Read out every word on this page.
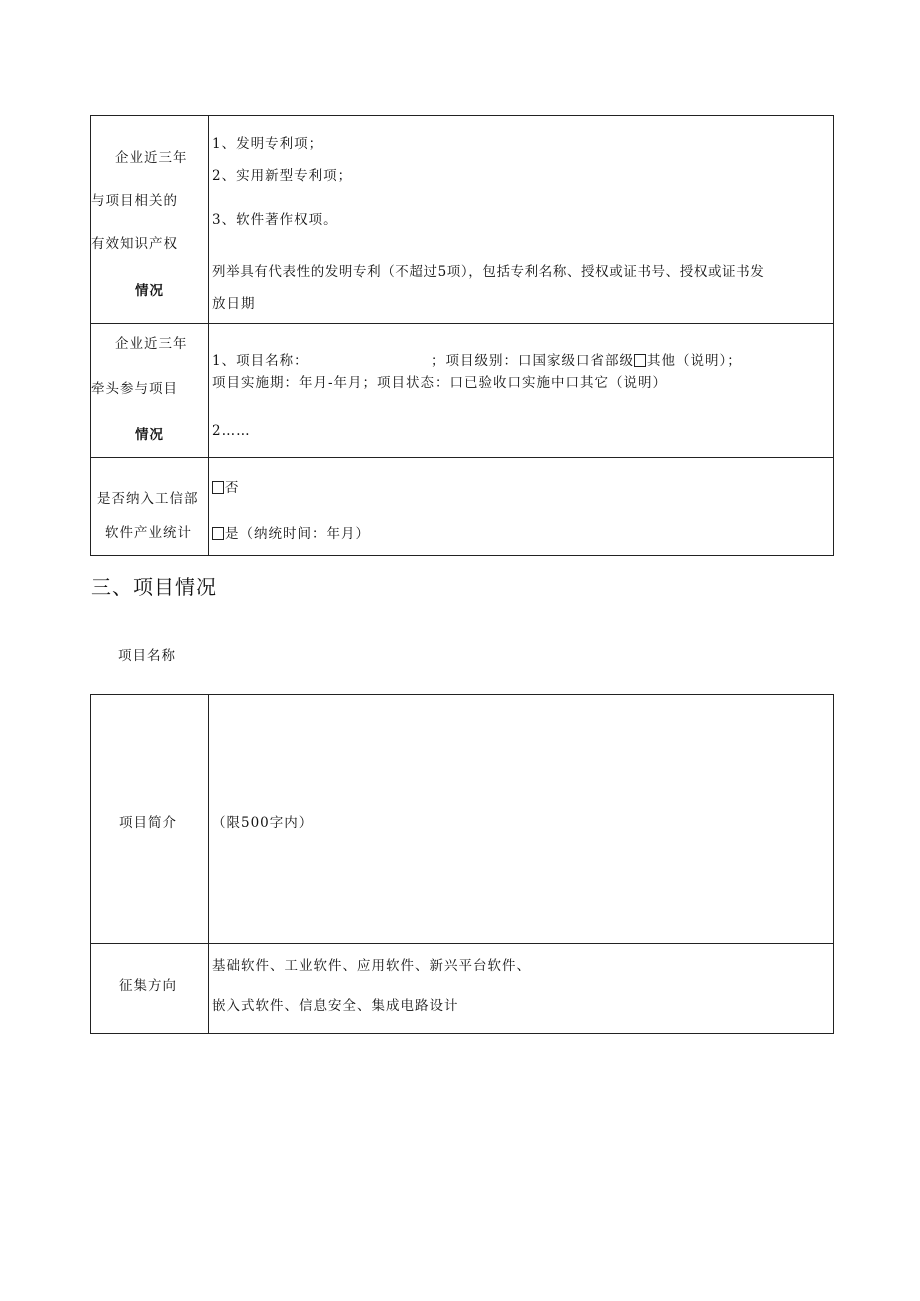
企业近三年
与项目相关的
有效知识产权
情况
1、发明专利项；
2、实用新型专利项；
3、软件著作权项。
列举具有代表性的发明专利（不超过5项），包括专利名称、授权或证书号、授权或证书发
放日期
企业近三年
牵头参与项目
情况
1、项目名称：	；项目级别：口国家级口省部级 其他（说明）；
项目实施期：年月-年月；项目状态：口已验收口实施中口其它（说明）
2……
是否纳入工信部
软件产业统计
否
是（纳统时间：年月）
三、项目情况
项目名称
项目简介	（限500字内）
征集方向
基础软件、工业软件、应用软件、新兴平台软件、
嵌入式软件、信息安全、集成电路设计
